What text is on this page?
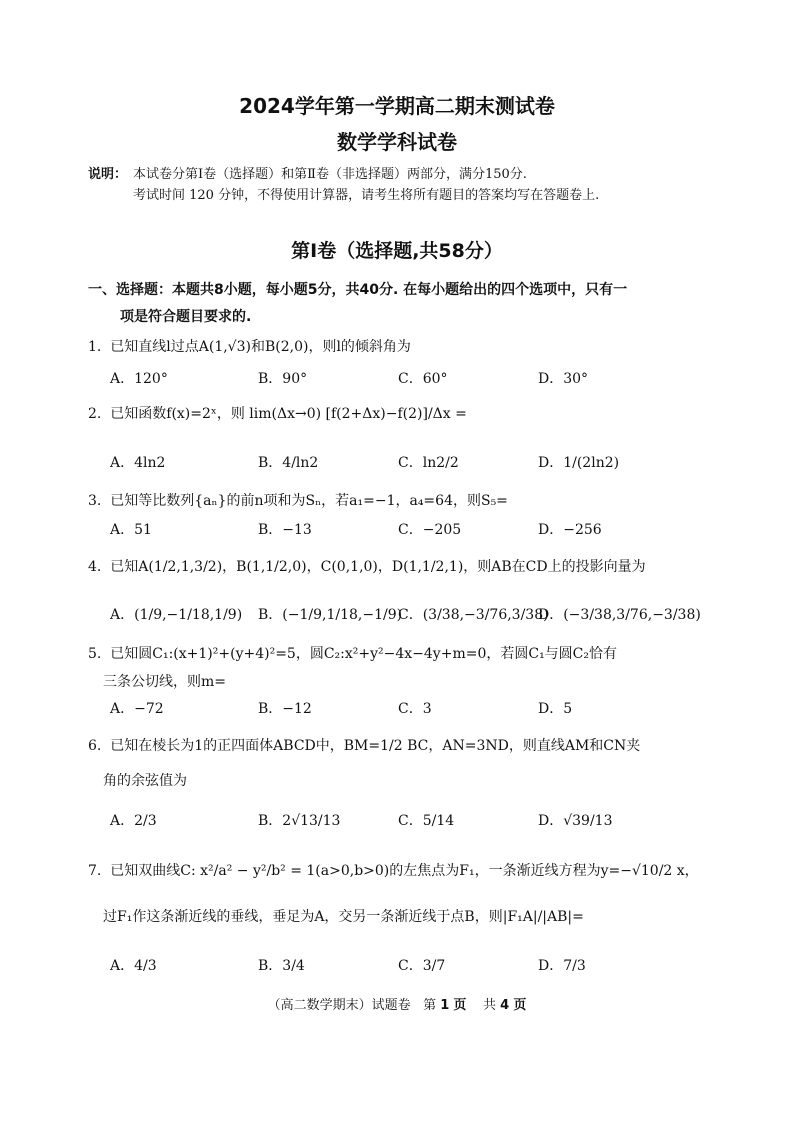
2024学年第一学期高二期末测试卷
数学学科试卷
说明： 本试卷分第Ⅰ卷（选择题）和第Ⅱ卷（非选择题）两部分，满分150分.
考试时间 120 分钟，不得使用计算器，请考生将所有题目的答案均写在答题卷上.
第Ⅰ卷（选择题,共58分）
一、选择题：本题共8小题，每小题5分，共40分. 在每小题给出的四个选项中，只有一
项是符合题目要求的.
1. 已知直线l过点A(1,√3)和B(2,0)，则l的倾斜角为
A．120°	B．90°	C．60°	D．30°
2. 已知函数f(x)=2ˣ，则 lim(Δx→0) [f(2+Δx)−f(2)]/Δx =
A．4ln2	B．4/ln2	C．ln2/2	D．1/(2ln2)
3. 已知等比数列{aₙ}的前n项和为Sₙ，若a₁=−1，a₄=64，则S₅=
A．51	B．−13	C．−205	D．−256
4. 已知A(1/2,1,3/2)，B(1,1/2,0)，C(0,1,0)，D(1,1/2,1)，则AB在CD上的投影向量为
A．(1/9,−1/18,1/9) B．(−1/9,1/18,−1/9)
C．(3/38,−3/76,3/38)
D．(−3/38,3/76,−3/38)
5. 已知圆C₁:(x+1)²+(y+4)²=5，圆C₂:x²+y²−4x−4y+m=0，若圆C₁与圆C₂恰有
三条公切线，则m=
A．−72	B．−12	C．3	D．5
6. 已知在棱长为1的正四面体ABCD中，BM=1/2 BC，AN=3ND，则直线AM和CN夹
角的余弦值为
A．2/3	B．2√13/13	C．5/14	D．√39/13
7. 已知双曲线C: x²/a² − y²/b² = 1(a>0,b>0)的左焦点为F₁，一条渐近线方程为y=−√10/2 x，
过F₁作这条渐近线的垂线，垂足为A，交另一条渐近线于点B，则|F₁A|/|AB|=
A．4/3	B．3/4	C．3/7	D．7/3
（高二数学期末）试题卷 第 1 页 共 4 页
